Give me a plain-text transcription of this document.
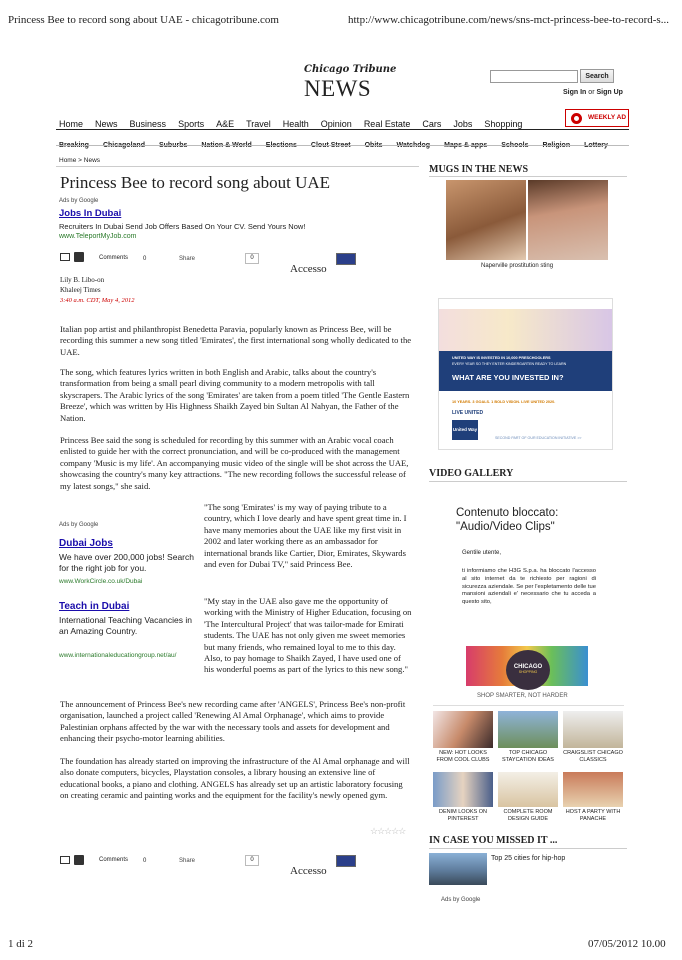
Princess Bee to record song about UAE - chicagotribune.com	http://www.chicagotribune.com/news/sns-mct-princess-bee-to-record-s...
Chicago Tribune
NEWS	Search
Sign In or Sign Up
Home News Business Sports A&E Travel Health Opinion Real Estate Cars Jobs Shopping
WEEKLY AD
Home > News
Princess Bee to record song about UAE
Ads by Google
Jobs In Dubai
Recruiters In Dubai Send Job Offers Based On Your CV. Send Yours Now!
www.TeleportMyJob.com
Comments 0	Share	0
Accesso
Lily B. Libo-on
Khaleej Times
3:40 a.m. CDT, May 4, 2012
Italian pop artist and philanthropist Benedetta Paravia, popularly known as Princess Bee, will be recording this summer a new song titled 'Emirates', the first international song wholly dedicated to the UAE.
The song, which features lyrics written in both English and Arabic, talks about the country's transformation from being a small pearl diving community to a modern metropolis with tall skyscrapers. The Arabic lyrics of the song 'Emirates' are taken from a poem titled 'The Gentle Eastern Breeze', which was written by His Highness Shaikh Zayed bin Sultan Al Nahyan, the Father of the Nation.
Princess Bee said the song is scheduled for recording by this summer with an Arabic vocal coach enlisted to guide her with the correct pronunciation, and will be co-produced with the management company 'Music is my life'. An accompanying music video of the single will be shot across the UAE, showcasing the country's many key attractions. "The new recording follows the successful release of my latest songs," she said.
Ads by Google
Dubai Jobs
We have over 200,000 jobs! Search for the right job for you.
www.WorkCircle.co.uk/Dubai
Teach in Dubai
International Teaching Vacancies in an Amazing Country.
www.internationaleducationgroup.net/au/
"The song 'Emirates' is my way of paying tribute to a country, which I love dearly and have spent great time in. I have many memories about the UAE like my first visit in 2002 and later working there as an ambassador for international brands like Cartier, Dior, Emirates, Skywards and even for Dubai TV," said Princess Bee.
"My stay in the UAE also gave me the opportunity of working with the Ministry of Higher Education, focusing on 'The Intercultural Project' that was tailor-made for Emirati students. The UAE has not only given me sweet memories but many friends, who remained loyal to me to this day. Also, to pay homage to Shaikh Zayed, I have used one of his wonderful poems as part of the lyrics to this new song."
The announcement of Princess Bee's new recording came after 'ANGELS', Princess Bee's non-profit organisation, launched a project called 'Renewing Al Amal Orphanage', which aims to provide Palestinian orphans affected by the war with the necessary tools and assets for development and enhancing their psycho-motor learning abilities.
The foundation has already started on improving the infrastructure of the Al Amal orphanage and will also donate computers, bicycles, Playstation consoles, a library housing an extensive line of educational books, a piano and clothing. ANGELS has already set up an artistic laboratory focusing on creating ceramic and painting works and the equipment for the facility's newly opened gym.
☆☆☆☆☆
Comments 0	Share	0
Accesso
MUGS IN THE NEWS
Naperville prostitution sting
UNITED WAY IS INVESTED IN 10,000 PRESCHOOLERS
EVERY YEAR SO THEY ENTER KINDERGARTEN READY TO LEARN
WHAT ARE YOU INVESTED IN?
10 YEARS. 3 GOALS. 1 BOLD VISION. LIVE UNITED 2020.
LIVE UNITED
United Way
SECOND PART OF OUR EDUCATION INITIATIVE >>
VIDEO GALLERY
Contenuto bloccato: "Audio/Video Clips"
Gentile utente,
ti informiamo che H3G S.p.a. ha bloccato l'accesso al sito internet da te richiesto per ragioni di sicurezza aziendale. Se per l'espletamento delle tue mansioni aziendali e' necessario che tu acceda a questo sito,
CHICAGO
SHOPPING
SHOP SMARTER, NOT HARDER
NEW: HOT LOOKS FROM COOL CLUBS
TOP CHICAGO STAYCATION IDEAS
CRAIGSLIST CHICAGO CLASSICS
DENIM LOOKS ON PINTEREST
COMPLETE ROOM DESIGN GUIDE
HOST A PARTY WITH PANACHE
IN CASE YOU MISSED IT ...
Top 25 cities for hip-hop
Ads by Google
1 di 2	07/05/2012 10.00
